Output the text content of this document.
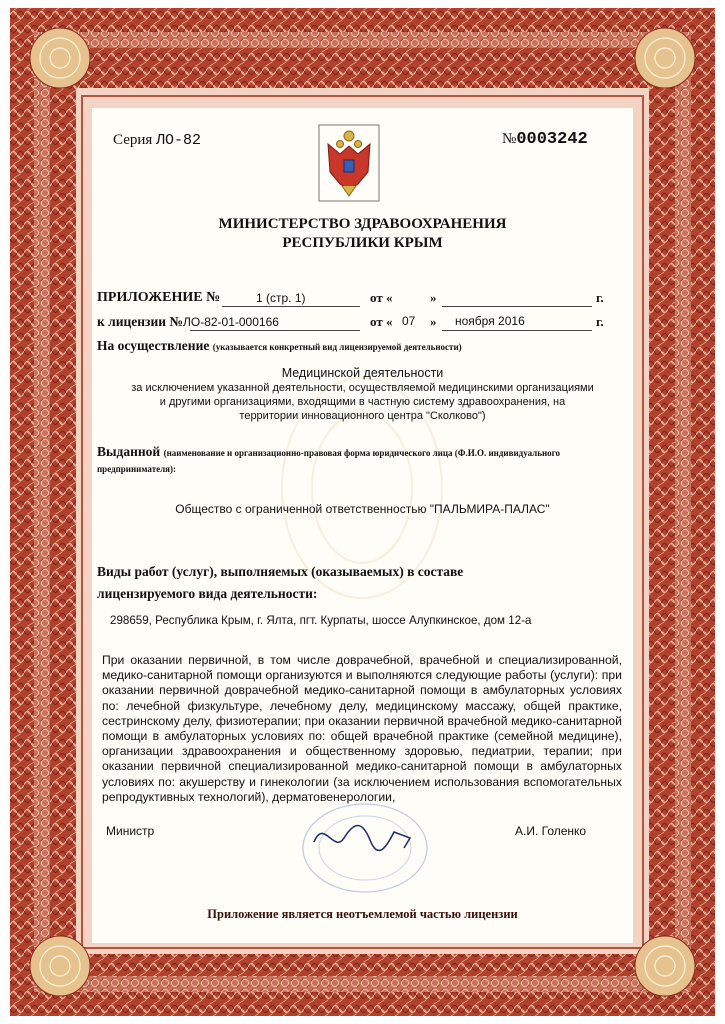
Серия ЛО-82	№0003242
МИНИСТЕРСТВО ЗДРАВООХРАНЕНИЯ
РЕСПУБЛИКИ КРЫМ
ПРИЛОЖЕНИЕ №	1 (стр. 1)	от «	»	г.
к лицензии №ЛО-82-01-000166	от « 07 » ноября 2016	г.
На осуществление (указывается конкретный вид лицензируемой деятельности)
Медицинской деятельности
за исключением указанной деятельности, осуществляемой медицинскими организациями
и другими организациями, входящими в частную систему здравоохранения, на
территории инновационного центра "Сколково")
Выданной (наименование и организационно-правовая форма юридического лица (Ф.И.О. индивидуального
предпринимателя):
Общество с ограниченной ответственностью "ПАЛЬМИРА-ПАЛАС"
Виды работ (услуг), выполняемых (оказываемых) в составе
лицензируемого вида деятельности:
298659, Республика Крым, г. Ялта, пгт. Курпаты, шоссе Алупкинское, дом 12-а
При оказании первичной, в том числе доврачебной, врачебной и специализированной, медико-санитарной помощи организуются и выполняются следующие работы (услуги): при оказании первичной доврачебной медико-санитарной помощи в амбулаторных условиях по: лечебной физкультуре, лечебному делу, медицинскому массажу, общей практике, сестринскому делу, физиотерапии; при оказании первичной врачебной медико-санитарной помощи в амбулаторных условиях по: общей врачебной практике (семейной медицине), организации здравоохранения и общественному здоровью, педиатрии, терапии; при оказании первичной специализированной медико-санитарной помощи в амбулаторных условиях по: акушерству и гинекологии (за исключением использования вспомогательных репродуктивных технологий), дерматовенерологии,
Министр	А.И. Голенко
Приложение является неотъемлемой частью лицензии
